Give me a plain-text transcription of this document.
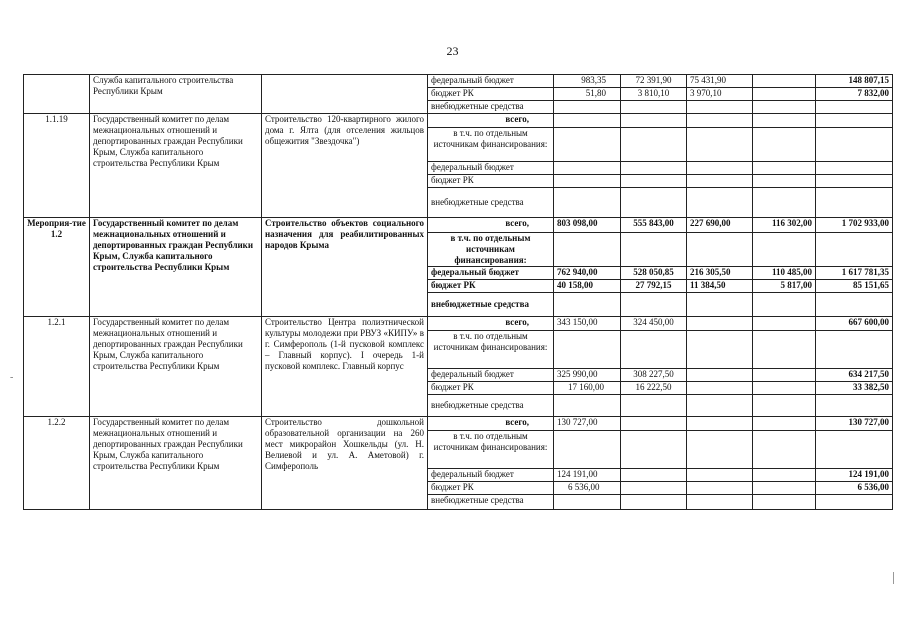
23
-
	Служба капитального строительства Республики Крым		федеральный бюджет	983,35	72 391,90	75 431,90		148 807,15
			бюджет РК	51,80	3 810,10	3 970,10		7 832,00
			внебюджетные средства					
1.1.19	Государственный комитет по делам межнациональных отношений и депортированных граждан Республики Крым, Служба капитального строительства Республики Крым	Строительство 120-квартирного жилого дома г. Ялта (для отселения жильцов общежития "Звездочка")	всего,					
			в т.ч. по отдельным источникам финансирования:					
			федеральный бюджет					
			бюджет РК					
			внебюджетные средства					
Мероприя-тие 1.2	Государственный комитет по делам межнациональных отношений и депортированных граждан Республики Крым, Служба капитального строительства Республики Крым	Строительство объектов социального назначения для реабилитированных народов Крыма	всего,	803 098,00	555 843,00	227 690,00	116 302,00	1 702 933,00
			в т.ч. по отдельным источникам финансирования:					
			федеральный бюджет	762 940,00	528 050,85	216 305,50	110 485,00	1 617 781,35
			бюджет РК	40 158,00	27 792,15	11 384,50	5 817,00	85 151,65
			внебюджетные средства					
1.2.1	Государственный комитет по делам межнациональных отношений и депортированных граждан Республики Крым, Служба капитального строительства Республики Крым	Строительство Центра полиэтнической культуры молодежи при РВУЗ «КИПУ» в г. Симферополь (1-й пусковой комплекс – Главный корпус). I очередь 1-й пусковой комплекс. Главный корпус	всего,	343 150,00	324 450,00			667 600,00
			в т.ч. по отдельным источникам финансирования:					
			федеральный бюджет	325 990,00	308 227,50			634 217,50
			бюджет РК	17 160,00	16 222,50			33 382,50
			внебюджетные средства					
1.2.2	Государственный комитет по делам межнациональных отношений и депортированных граждан Республики Крым, Служба капитального строительства Республики Крым	Строительство дошкольной образовательной организации на 260 мест микрорайон Хошкельды (ул. Н. Велиевой и ул. А. Аметовой) г. Симферополь	всего,	130 727,00				130 727,00
			в т.ч. по отдельным источникам финансирования:					
			федеральный бюджет	124 191,00				124 191,00
			бюджет РК	6 536,00				6 536,00
			внебюджетные средства					
